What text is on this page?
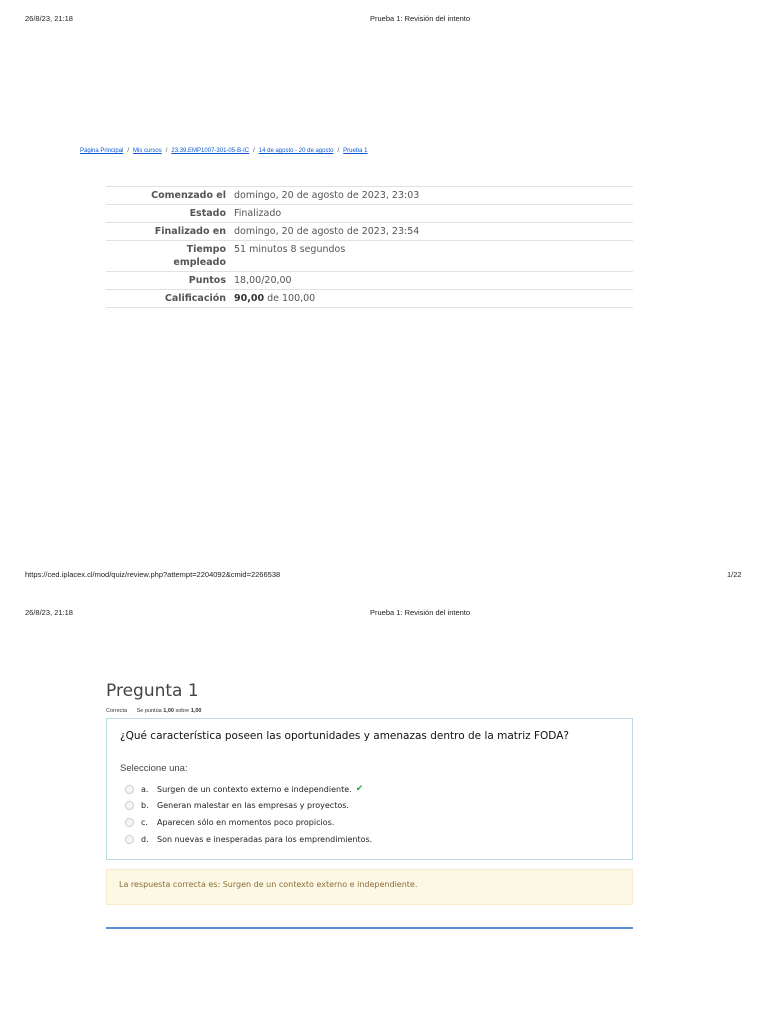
26/8/23, 21:18	Prueba 1: Revisión del intento
Página Principal / Mis cursos / 23.39.EMP1007-301-05-B-IC / 14 de agosto - 20 de agosto / Prueba 1
Comenzado el	domingo, 20 de agosto de 2023, 23:03
Estado	Finalizado
Finalizado en	domingo, 20 de agosto de 2023, 23:54
Tiempo empleado	51 minutos 8 segundos
Puntos	18,00/20,00
Calificación	90,00 de 100,00
https://ced.iplacex.cl/mod/quiz/review.php?attempt=2204092&cmid=2266538	1/22
26/8/23, 21:18	Prueba 1: Revisión del intento
Pregunta 1
Correcta Se puntúa 1,00 sobre 1,00
¿Qué característica poseen las oportunidades y amenazas dentro de la matriz FODA?
Seleccione una:
a.	Surgen de un contexto externo e independiente. ✔
b.	Generan malestar en las empresas y proyectos.
c.	Aparecen sólo en momentos poco propicios.
d.	Son nuevas e inesperadas para los emprendimientos.
La respuesta correcta es: Surgen de un contexto externo e independiente.
